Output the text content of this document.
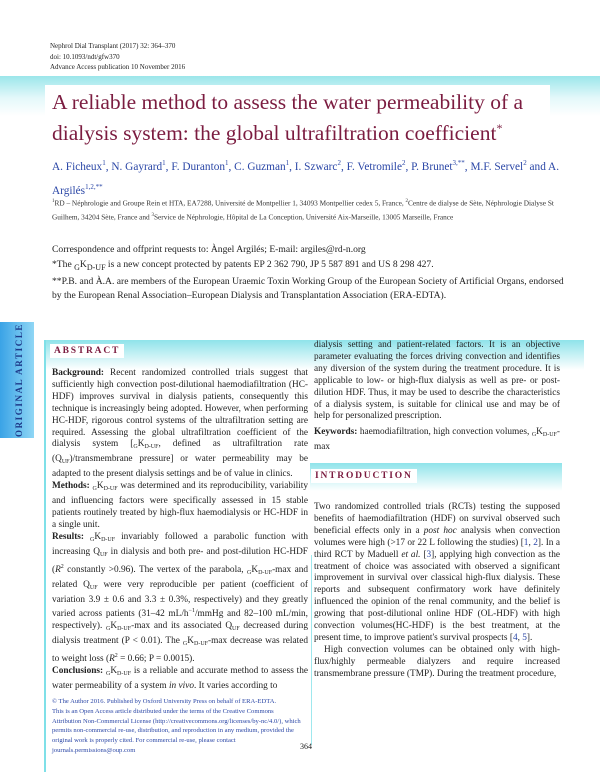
Nephrol Dial Transplant (2017) 32: 364–370
doi: 10.1093/ndt/gfw370
Advance Access publication 10 November 2016
A reliable method to assess the water permeability of a dialysis system: the global ultrafiltration coefficient*
A. Ficheux$^1$, N. Gayrard$^1$, F. Duranton$^1$, C. Guzman$^1$, I. Szwarc$^2$, F. Vetromile$^2$, P. Brunet$^{3,**}$, M.F. Servel$^2$ and A. Argilés$^{1,2,**}$
$^1$RD – Néphrologie and Groupe Rein et HTA, EA7288, Université de Montpellier 1, 34093 Montpellier cedex 5, France, $^2$Centre de dialyse de Sète, Néphrologie Dialyse St Guilhem, 34204 Sète, France and $^3$Service de Néphrologie, Hôpital de La Conception, Université Aix-Marseille, 13005 Marseille, France
Correspondence and offprint requests to: Àngel Argilés; E-mail: argiles@rd-n.org
*The $_GK_{D-UF}$ is a new concept protected by patents EP 2 362 790, JP 5 587 891 and US 8 298 427.
**P.B. and À.A. are members of the European Uraemic Toxin Working Group of the European Society of Artificial Organs, endorsed by the European Renal Association–European Dialysis and Transplantation Association (ERA-EDTA).
ORIGINAL ARTICLE	ABSTRACT

Background: Recent randomized controlled trials suggest that sufficiently high convection post-dilutional haemodiafiltration (HC-HDF) improves survival in dialysis patients, consequently this technique is increasingly being adopted. However, when performing HC-HDF, rigorous control systems of the ultrafiltration setting are required. Assessing the global ultrafiltration coefficient of the dialysis system [$_GK_{D-UF}$, defined as ultrafiltration rate $(Q_{UF})$/transmembrane pressure] or water permeability may be adapted to the present dialysis settings and be of value in clinics.

Methods: $_GK_{D-UF}$ was determined and its reproducibility, variability and influencing factors were specifically assessed in 15 stable patients routinely treated by high-flux haemodialysis or HC-HDF in a single unit.

Results: $_GK_{D-UF}$ invariably followed a parabolic function with increasing $Q_{UF}$ in dialysis and both pre- and post-dilution HC-HDF ($R^2$ constantly >0.96). The vertex of the parabola, $_GK_{D-UF}-\max$ and related $Q_{UF}$ were very reproducible per patient (coefficient of variation 3.9 ± 0.6 and 3.3 ± 0.3%, respectively) and they greatly varied across patients (31–42 $mL/h^{-1}$/mmHg and 82–100 mL/min, respectively). $_GK_{D-UF}-\max$ and its associated $Q_{UF}$ decreased during dialysis treatment (P < 0.01). The $_GK_{D-UF}-\max$ decrease was related to weight loss ($R^2 = 0.66$; P = 0.0015).

Conclusions: $_GK_{D-UF}$ is a reliable and accurate method to assess the water permeability of a system in vivo. It varies according to

dialysis setting and patient-related factors. It is an objective parameter evaluating the forces driving convection and identifies any diversion of the system during the treatment procedure. It is applicable to low- or high-flux dialysis as well as pre- or post-dilution HDF. Thus, it may be used to describe the characteristics of a dialysis system, is suitable for clinical use and may be of help for personalized prescription.

Keywords: haemodiafiltration, high convection volumes, $_GK_{D-UF}-\max$

INTRODUCTION

Two randomized controlled trials (RCTs) testing the supposed benefits of haemodiafiltration (HDF) on survival observed such beneficial effects only in a post hoc analysis when convection volumes were high (>17 or 22 L following the studies) [1, 2]. In a third RCT by Maduell et al. [3], applying high convection as the treatment of choice was associated with observed a significant improvement in survival over classical high-flux dialysis. These reports and subsequent confirmatory work have definitely influenced the opinion of the renal community, and the belief is growing that post-dilutional online HDF (OL-HDF) with high convection volumes(HC-HDF) is the best treatment, at the present time, to improve patient's survival prospects [4, 5].

High convection volumes can be obtained only with high-flux/highly permeable dialyzers and require increased transmembrane pressure (TMP). During the treatment procedure,

© The Author 2016. Published by Oxford University Press on behalf of ERA-EDTA.
This is an Open Access article distributed under the terms of the Creative Commons Attribution Non-Commercial License (http://creativecommons.org/licenses/by-nc/4.0/), which permits non-commercial re-use, distribution, and reproduction in any medium, provided the original work is properly cited. For commercial re-use, please contact journals.permissions@oup.com	364
